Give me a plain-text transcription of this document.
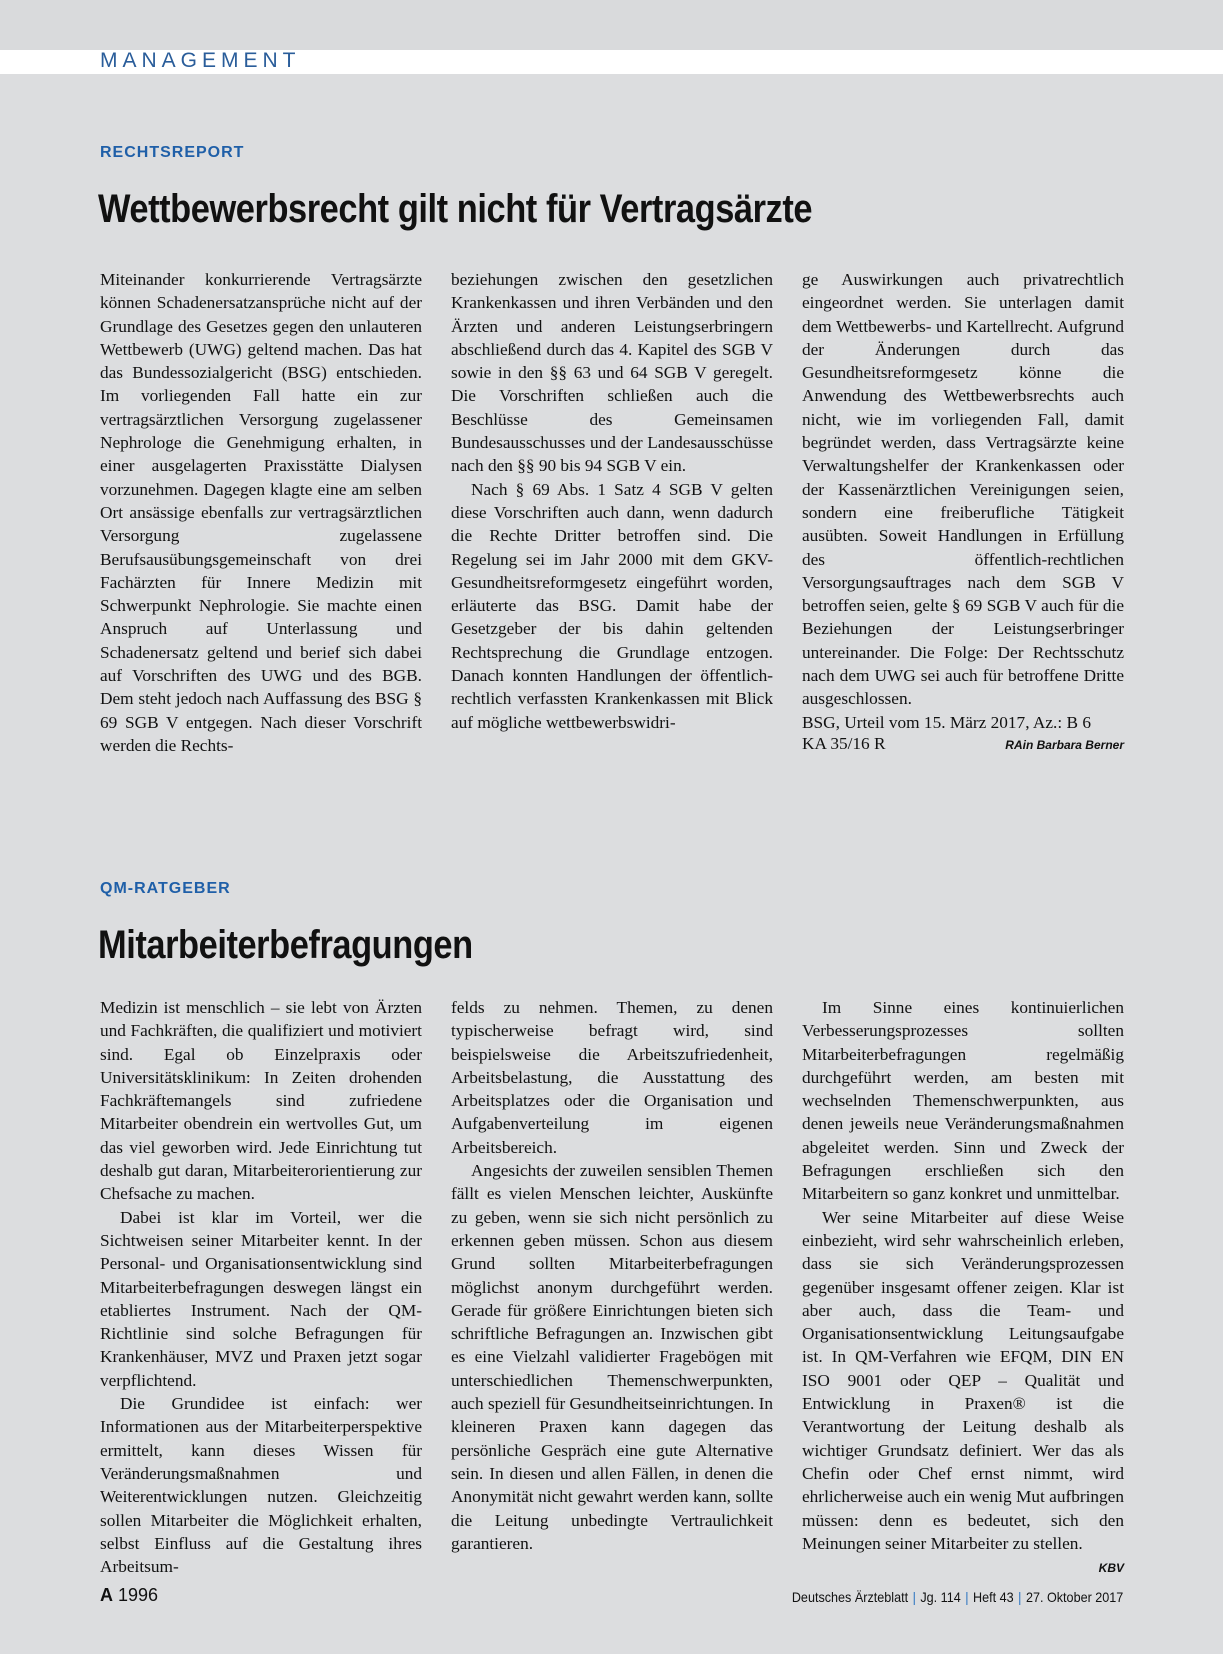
MANAGEMENT
RECHTSREPORT
Wettbewerbsrecht gilt nicht für Vertragsärzte

Miteinander konkurrierende Vertragsärzte können Schadenersatzansprüche nicht auf der Grundlage des Gesetzes gegen den unlauteren Wettbewerb (UWG) geltend machen. Das hat das Bundessozialgericht (BSG) entschieden. Im vorliegenden Fall hatte ein zur vertragsärztlichen Versorgung zugelassener Nephrologe die Genehmigung erhalten, in einer ausgelagerten Praxisstätte Dialysen vorzunehmen. Dagegen klagte eine am selben Ort ansässige ebenfalls zur vertragsärztlichen Versorgung zugelassene Berufsausübungsgemeinschaft von drei Fachärzten für Innere Medizin mit Schwerpunkt Nephrologie. Sie machte einen Anspruch auf Unterlassung und Schadenersatz geltend und berief sich dabei auf Vorschriften des UWG und des BGB. Dem steht jedoch nach Auffassung des BSG § 69 SGB V entgegen. Nach dieser Vorschrift werden die Rechts-

beziehungen zwischen den gesetzlichen Krankenkassen und ihren Verbänden und den Ärzten und anderen Leistungserbringern abschließend durch das 4. Kapitel des SGB V sowie in den §§ 63 und 64 SGB V geregelt. Die Vorschriften schließen auch die Beschlüsse des Gemeinsamen Bundesausschusses und der Landesausschüsse nach den §§ 90 bis 94 SGB V ein.

Nach § 69 Abs. 1 Satz 4 SGB V gelten diese Vorschriften auch dann, wenn dadurch die Rechte Dritter betroffen sind. Die Regelung sei im Jahr 2000 mit dem GKV-Gesundheitsreformgesetz eingeführt worden, erläuterte das BSG. Damit habe der Gesetzgeber der bis dahin geltenden Rechtsprechung die Grundlage entzogen. Danach konnten Handlungen der öffentlich-rechtlich verfassten Krankenkassen mit Blick auf mögliche wettbewerbswidri-

ge Auswirkungen auch privatrechtlich eingeordnet werden. Sie unterlagen damit dem Wettbewerbs- und Kartellrecht. Aufgrund der Änderungen durch das Gesundheitsreformgesetz könne die Anwendung des Wettbewerbsrechts auch nicht, wie im vorliegenden Fall, damit begründet werden, dass Vertragsärzte keine Verwaltungshelfer der Krankenkassen oder der Kassenärztlichen Vereinigungen seien, sondern eine freiberufliche Tätigkeit ausübten. Soweit Handlungen in Erfüllung des öffentlich-rechtlichen Versorgungsauftrages nach dem SGB V betroffen seien, gelte § 69 SGB V auch für die Beziehungen der Leistungserbringer untereinander. Die Folge: Der Rechtsschutz nach dem UWG sei auch für betroffene Dritte ausgeschlossen.

BSG, Urteil vom 15. März 2017, Az.: B 6

KA 35/16 R	RAin Barbara Berner
QM-RATGEBER
Mitarbeiterbefragungen

Medizin ist menschlich – sie lebt von Ärzten und Fachkräften, die qualifiziert und motiviert sind. Egal ob Einzelpraxis oder Universitätsklinikum: In Zeiten drohenden Fachkräftemangels sind zufriedene Mitarbeiter obendrein ein wertvolles Gut, um das viel geworben wird. Jede Einrichtung tut deshalb gut daran, Mitarbeiterorientierung zur Chefsache zu machen.

Dabei ist klar im Vorteil, wer die Sichtweisen seiner Mitarbeiter kennt. In der Personal- und Organisationsentwicklung sind Mitarbeiterbefragungen deswegen längst ein etabliertes Instrument. Nach der QM-Richtlinie sind solche Befragungen für Krankenhäuser, MVZ und Praxen jetzt sogar verpflichtend.

Die Grundidee ist einfach: wer Informationen aus der Mitarbeiterperspektive ermittelt, kann dieses Wissen für Veränderungsmaßnahmen und Weiterentwicklungen nutzen. Gleichzeitig sollen Mitarbeiter die Möglichkeit erhalten, selbst Einfluss auf die Gestaltung ihres Arbeitsum-

felds zu nehmen. Themen, zu denen typischerweise befragt wird, sind beispielsweise die Arbeitszufriedenheit, Arbeitsbelastung, die Ausstattung des Arbeitsplatzes oder die Organisation und Aufgabenverteilung im eigenen Arbeitsbereich.

Angesichts der zuweilen sensiblen Themen fällt es vielen Menschen leichter, Auskünfte zu geben, wenn sie sich nicht persönlich zu erkennen geben müssen. Schon aus diesem Grund sollten Mitarbeiterbefragungen möglichst anonym durchgeführt werden. Gerade für größere Einrichtungen bieten sich schriftliche Befragungen an. Inzwischen gibt es eine Vielzahl validierter Fragebögen mit unterschiedlichen Themenschwerpunkten, auch speziell für Gesundheitseinrichtungen. In kleineren Praxen kann dagegen das persönliche Gespräch eine gute Alternative sein. In diesen und allen Fällen, in denen die Anonymität nicht gewahrt werden kann, sollte die Leitung unbedingte Vertraulichkeit garantieren.

Im Sinne eines kontinuierlichen Verbesserungsprozesses sollten Mitarbeiterbefragungen regelmäßig durchgeführt werden, am besten mit wechselnden Themenschwerpunkten, aus denen jeweils neue Veränderungsmaßnahmen abgeleitet werden. Sinn und Zweck der Befragungen erschließen sich den Mitarbeitern so ganz konkret und unmittelbar.

Wer seine Mitarbeiter auf diese Weise einbezieht, wird sehr wahrscheinlich erleben, dass sie sich Veränderungsprozessen gegenüber insgesamt offener zeigen. Klar ist aber auch, dass die Team- und Organisationsentwicklung Leitungsaufgabe ist. In QM-Verfahren wie EFQM, DIN EN ISO 9001 oder QEP – Qualität und Entwicklung in Praxen® ist die Verantwortung der Leitung deshalb als wichtiger Grundsatz definiert. Wer das als Chefin oder Chef ernst nimmt, wird ehrlicherweise auch ein wenig Mut aufbringen müssen: denn es bedeutet, sich den Meinungen seiner Mitarbeiter zu stellen.

KBV
A 1996	Deutsches Ärzteblatt | Jg. 114 | Heft 43 | 27. Oktober 2017
